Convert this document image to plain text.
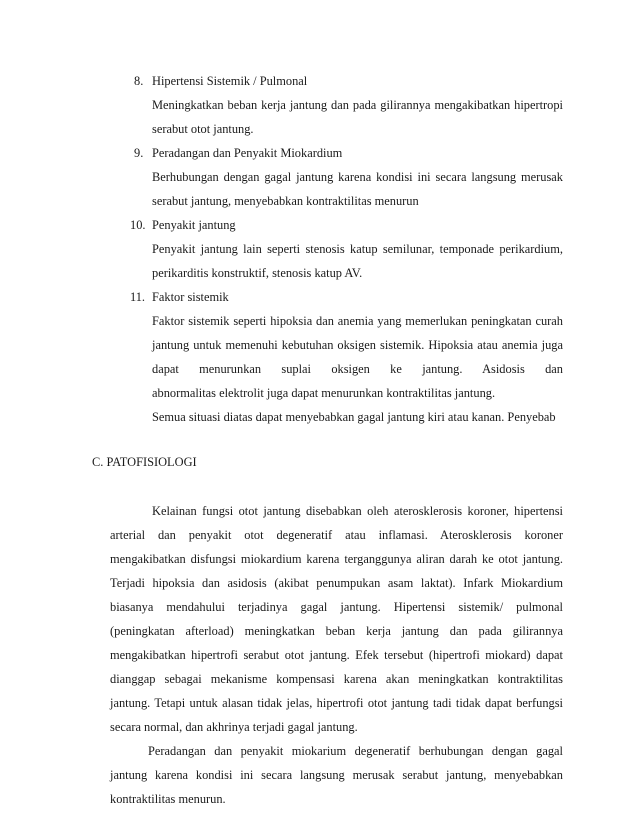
8. Hipertensi Sistemik / Pulmonal
Meningkatkan beban kerja jantung dan pada gilirannya mengakibatkan hipertropi
serabut otot jantung.
9. Peradangan dan Penyakit Miokardium
Berhubungan dengan gagal jantung karena kondisi ini secara langsung merusak
serabut jantung, menyebabkan kontraktilitas menurun
10. Penyakit jantung
Penyakit jantung lain seperti stenosis katup semilunar, temponade perikardium,
perikarditis konstruktif, stenosis katup AV.
11. Faktor sistemik
Faktor sistemik seperti hipoksia dan anemia yang memerlukan peningkatan curah
jantung untuk memenuhi kebutuhan oksigen sistemik. Hipoksia atau anemia juga
dapat menurunkan suplai oksigen ke jantung. Asidosis dan
abnormalitas elektrolit juga dapat menurunkan kontraktilitas jantung.
Semua situasi diatas dapat menyebabkan gagal jantung kiri atau kanan. Penyebab
C. PATOFISIOLOGI
Kelainan fungsi otot jantung disebabkan oleh aterosklerosis koroner, hipertensi
arterial dan penyakit otot degeneratif atau inflamasi. Aterosklerosis koroner
mengakibatkan disfungsi miokardium karena terganggunya aliran darah ke otot jantung.
Terjadi hipoksia dan asidosis (akibat penumpukan asam laktat). Infark Miokardium
biasanya mendahului terjadinya gagal jantung. Hipertensi sistemik/ pulmonal
(peningkatan afterload) meningkatkan beban kerja jantung dan pada gilirannya
mengakibatkan hipertrofi serabut otot jantung. Efek tersebut (hipertrofi miokard) dapat
dianggap sebagai mekanisme kompensasi karena akan meningkatkan kontraktilitas
jantung. Tetapi untuk alasan tidak jelas, hipertrofi otot jantung tadi tidak dapat berfungsi
secara normal, dan akhrinya terjadi gagal jantung.
Peradangan dan penyakit miokarium degeneratif berhubungan dengan gagal
jantung karena kondisi ini secara langsung merusak serabut jantung, menyebabkan
kontraktilitas menurun.
